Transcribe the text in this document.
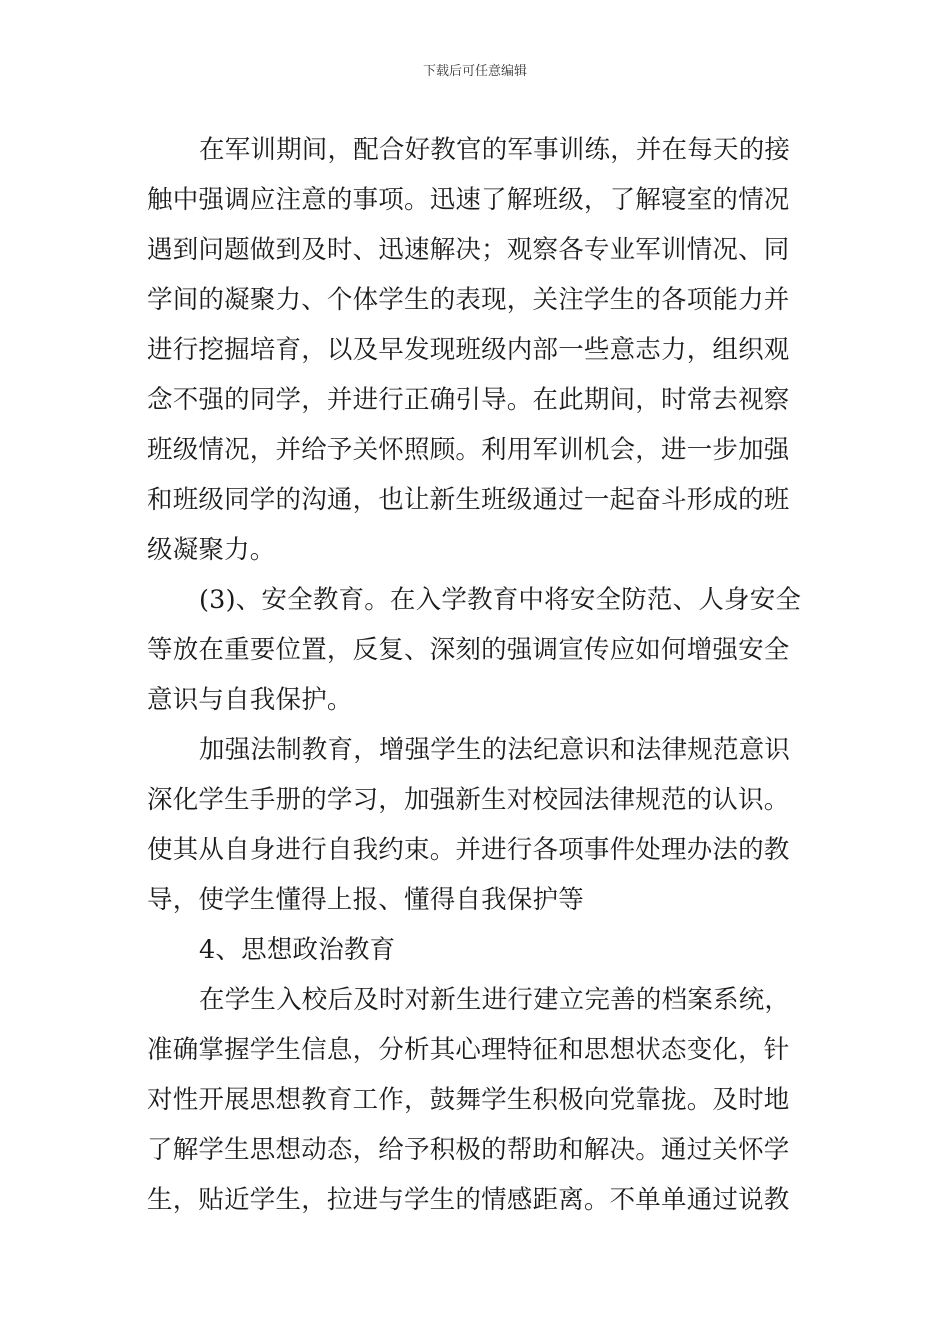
下载后可任意编辑
在军训期间，配合好教官的军事训练，并在每天的接
触中强调应注意的事项。迅速了解班级，了解寝室的情况
遇到问题做到及时、迅速解决；观察各专业军训情况、同
学间的凝聚力、个体学生的表现，关注学生的各项能力并
进行挖掘培育，以及早发现班级内部一些意志力，组织观
念不强的同学，并进行正确引导。在此期间，时常去视察
班级情况，并给予关怀照顾。利用军训机会，进一步加强
和班级同学的沟通，也让新生班级通过一起奋斗形成的班
级凝聚力。
(3)、安全教育。在入学教育中将安全防范、人身安全
等放在重要位置，反复、深刻的强调宣传应如何增强安全
意识与自我保护。
加强法制教育，增强学生的法纪意识和法律规范意识
深化学生手册的学习，加强新生对校园法律规范的认识。
使其从自身进行自我约束。并进行各项事件处理办法的教
导，使学生懂得上报、懂得自我保护等
4、思想政治教育
在学生入校后及时对新生进行建立完善的档案系统，
准确掌握学生信息，分析其心理特征和思想状态变化，针
对性开展思想教育工作，鼓舞学生积极向党靠拢。及时地
了解学生思想动态，给予积极的帮助和解决。通过关怀学
生，贴近学生，拉进与学生的情感距离。不单单通过说教
